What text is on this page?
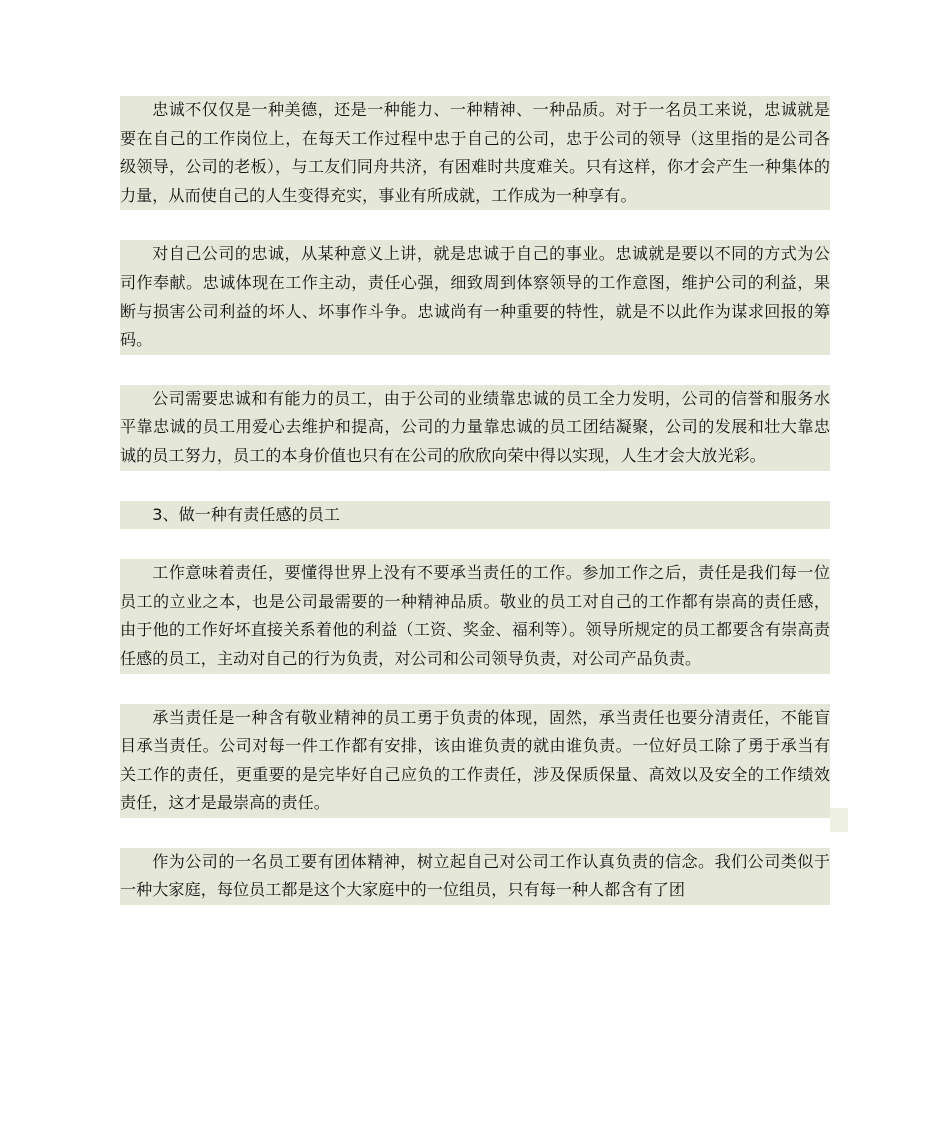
忠诚不仅仅是一种美德，还是一种能力、一种精神、一种品质。对于一名员工来说，忠诚就是要在自己的工作岗位上，在每天工作过程中忠于自己的公司，忠于公司的领导（这里指的是公司各级领导，公司的老板），与工友们同舟共济，有困难时共度难关。只有这样，你才会产生一种集体的力量，从而使自己的人生变得充实，事业有所成就，工作成为一种享有。

对自己公司的忠诚，从某种意义上讲，就是忠诚于自己的事业。忠诚就是要以不同的方式为公司作奉献。忠诚体现在工作主动，责任心强，细致周到体察领导的工作意图，维护公司的利益，果断与损害公司利益的坏人、坏事作斗争。忠诚尚有一种重要的特性，就是不以此作为谋求回报的筹码。

公司需要忠诚和有能力的员工，由于公司的业绩靠忠诚的员工全力发明，公司的信誉和服务水平靠忠诚的员工用爱心去维护和提高，公司的力量靠忠诚的员工团结凝聚，公司的发展和壮大靠忠诚的员工努力，员工的本身价值也只有在公司的欣欣向荣中得以实现，人生才会大放光彩。

3、做一种有责任感的员工

工作意味着责任，要懂得世界上没有不要承当责任的工作。参加工作之后，责任是我们每一位员工的立业之本，也是公司最需要的一种精神品质。敬业的员工对自己的工作都有崇高的责任感，由于他的工作好坏直接关系着他的利益（工资、奖金、福利等）。领导所规定的员工都要含有崇高责任感的员工，主动对自己的行为负责，对公司和公司领导负责，对公司产品负责。

承当责任是一种含有敬业精神的员工勇于负责的体现，固然，承当责任也要分清责任，不能盲目承当责任。公司对每一件工作都有安排，该由谁负责的就由谁负责。一位好员工除了勇于承当有关工作的责任，更重要的是完毕好自己应负的工作责任，涉及保质保量、高效以及安全的工作绩效责任，这才是最崇高的责任。

作为公司的一名员工要有团体精神，树立起自己对公司工作认真负责的信念。我们公司类似于一种大家庭，每位员工都是这个大家庭中的一位组员，只有每一种人都含有了团
